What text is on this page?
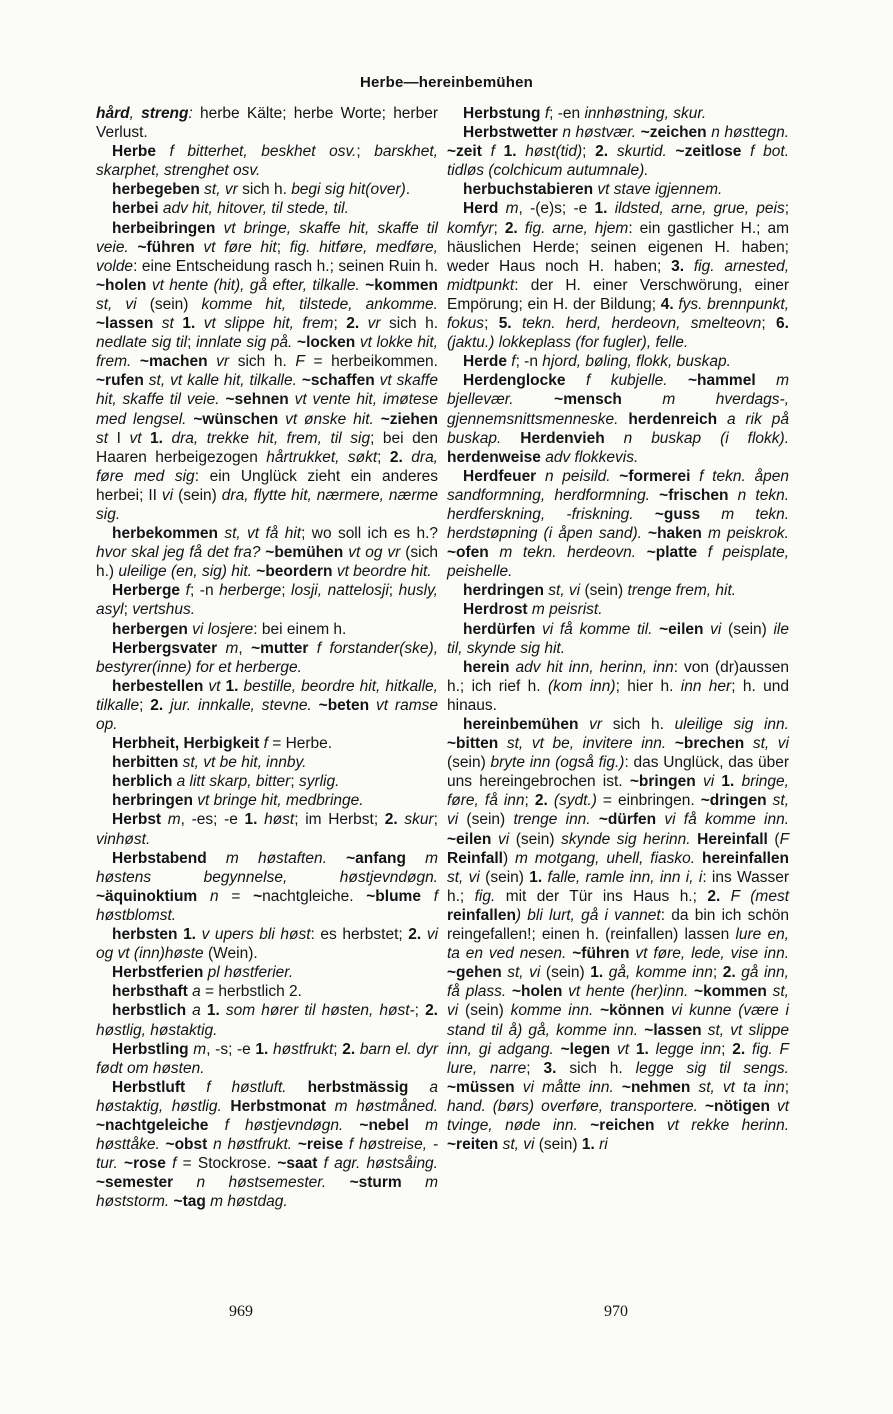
Herbe—hereinbemühen

hård, streng: herbe Kälte; herbe Worte; herber Verlust.

Herbe f bitterhet, beskhet osv.; barskhet, skarphet, strenghet osv.

herbegeben st, vr sich h. begi sig hit(over).

herbei adv hit, hitover, til stede, til.

herbeibringen vt bringe, skaffe hit, skaffe til veie. ~führen vt føre hit; fig. hitføre, medføre, volde: eine Entscheidung rasch h.; seinen Ruin h. ~holen vt hente (hit), gå efter, tilkalle. ~kommen st, vi (sein) komme hit, tilstede, ankomme. ~lassen st 1. vt slippe hit, frem; 2. vr sich h. nedlate sig til; innlate sig på. ~locken vt lokke hit, frem. ~machen vr sich h. F = herbeikommen. ~rufen st, vt kalle hit, tilkalle. ~schaffen vt skaffe hit, skaffe til veie. ~sehnen vt vente hit, imøtese med lengsel. ~wünschen vt ønske hit. ~ziehen st I vt 1. dra, trekke hit, frem, til sig; bei den Haaren herbeigezogen hårtrukket, søkt; 2. dra, føre med sig: ein Unglück zieht ein anderes herbei; II vi (sein) dra, flytte hit, nærmere, nærme sig.

herbekommen st, vt få hit; wo soll ich es h.? hvor skal jeg få det fra? ~bemühen vt og vr (sich h.) uleilige (en, sig) hit. ~beordern vt beordre hit.

Herberge f; -n herberge; losji, nattelosji; husly, asyl; vertshus.

herbergen vi losjere: bei einem h.

Herbergsvater m, ~mutter f forstander(ske), bestyrer(inne) for et herberge.

herbestellen vt 1. bestille, beordre hit, hitkalle, tilkalle; 2. jur. innkalle, stevne. ~beten vt ramse op.

Herbheit, Herbigkeit f = Herbe.

herbitten st, vt be hit, innby.

herblich a litt skarp, bitter; syrlig.

herbringen vt bringe hit, medbringe.

Herbst m, -es; -e 1. høst; im Herbst; 2. skur; vinhøst.

Herbstabend m høstaften. ~anfang m høstens begynnelse, høstjevndøgn. ~äquinoktium n = ~nachtgleiche. ~blume f høstblomst.

herbsten 1. v upers bli høst: es herbstet; 2. vi og vt (inn)høste (Wein).

Herbstferien pl høstferier.

herbsthaft a = herbstlich 2.

herbstlich a 1. som hører til høsten, høst-; 2. høstlig, høstaktig.

Herbstling m, -s; -e 1. høstfrukt; 2. barn el. dyr født om høsten.

Herbstluft f høstluft. herbstmässig a høstaktig, høstlig. Herbstmonat m høstmåned. ~nachtgeleiche f høstjevndøgn. ~nebel m høsttåke. ~obst n høstfrukt. ~reise f høstreise, -tur. ~rose f = Stockrose. ~saat f agr. høstsåing. ~semester n høstsemester. ~sturm m høststorm. ~tag m høstdag.

Herbstung f; -en innhøstning, skur.

Herbstwetter n høstvær. ~zeichen n høsttegn. ~zeit f 1. høst(tid); 2. skurtid. ~zeitlose f bot. tidløs (colchicum autumnale).

herbuchstabieren vt stave igjennem.

Herd m, -(e)s; -e 1. ildsted, arne, grue, peis; komfyr; 2. fig. arne, hjem: ein gastlicher H.; am häuslichen Herde; seinen eigenen H. haben; weder Haus noch H. haben; 3. fig. arnested, midtpunkt: der H. einer Verschwörung, einer Empörung; ein H. der Bildung; 4. fys. brennpunkt, fokus; 5. tekn. herd, herdeovn, smelteovn; 6. (jaktu.) lokkeplass (for fugler), felle.

Herde f; -n hjord, bøling, flokk, buskap.

Herdenglocke f kubjelle. ~hammel m bjellevær.	~mensch	m hverdags-, gjennemsnittsmenneske. herdenreich a rik på buskap. Herdenvieh n buskap (i flokk). herdenweise adv flokkevis.

Herdfeuer n peisild. ~formerei f tekn. åpen sandformning, herdformning. ~frischen n tekn. herdferskning, -friskning. ~guss m tekn. herdstøpning (i åpen sand). ~haken m peiskrok. ~ofen m tekn. herdeovn. ~platte f peisplate, peishelle.

herdringen st, vi (sein) trenge frem, hit.

Herdrost m peisrist.

herdürfen vi få komme til. ~eilen vi (sein) ile til, skynde sig hit.

herein adv hit inn, herinn, inn: von (dr)aussen h.; ich rief h. (kom inn); hier h. inn her; h. und hinaus.

hereinbemühen vr sich h. uleilige sig inn. ~bitten st, vt be, invitere inn. ~brechen st, vi (sein) bryte inn (også fig.): das Unglück, das über uns hereingebrochen ist. ~bringen vi 1. bringe, føre, få inn; 2. (sydt.) = einbringen. ~dringen st, vi (sein) trenge inn. ~dürfen vi få komme inn. ~eilen vi (sein) skynde sig herinn. Hereinfall (F Reinfall) m motgang, uhell, fiasko. hereinfallen st, vi (sein) 1. falle, ramle inn, inn i, i: ins Wasser h.; fig. mit der Tür ins Haus h.; 2. F (mest reinfallen) bli lurt, gå i vannet: da bin ich schön reingefallen!; einen h. (reinfallen) lassen lure en, ta en ved nesen. ~führen vt føre, lede, vise inn. ~gehen st, vi (sein) 1. gå, komme inn; 2. gå inn, få plass. ~holen vt hente (her)inn. ~kommen st, vi (sein) komme inn. ~können vi kunne (være i stand til å) gå, komme inn. ~lassen st, vt slippe inn, gi adgang. ~legen vt 1. legge inn; 2. fig. F lure, narre; 3. sich h. legge sig til sengs. ~müssen vi måtte inn. ~nehmen st, vt ta inn; hand. (børs) overføre, transportere. ~nötigen vt tvinge, nøde inn. ~reichen vt rekke herinn. ~reiten st, vi (sein) 1. ri

969	970
